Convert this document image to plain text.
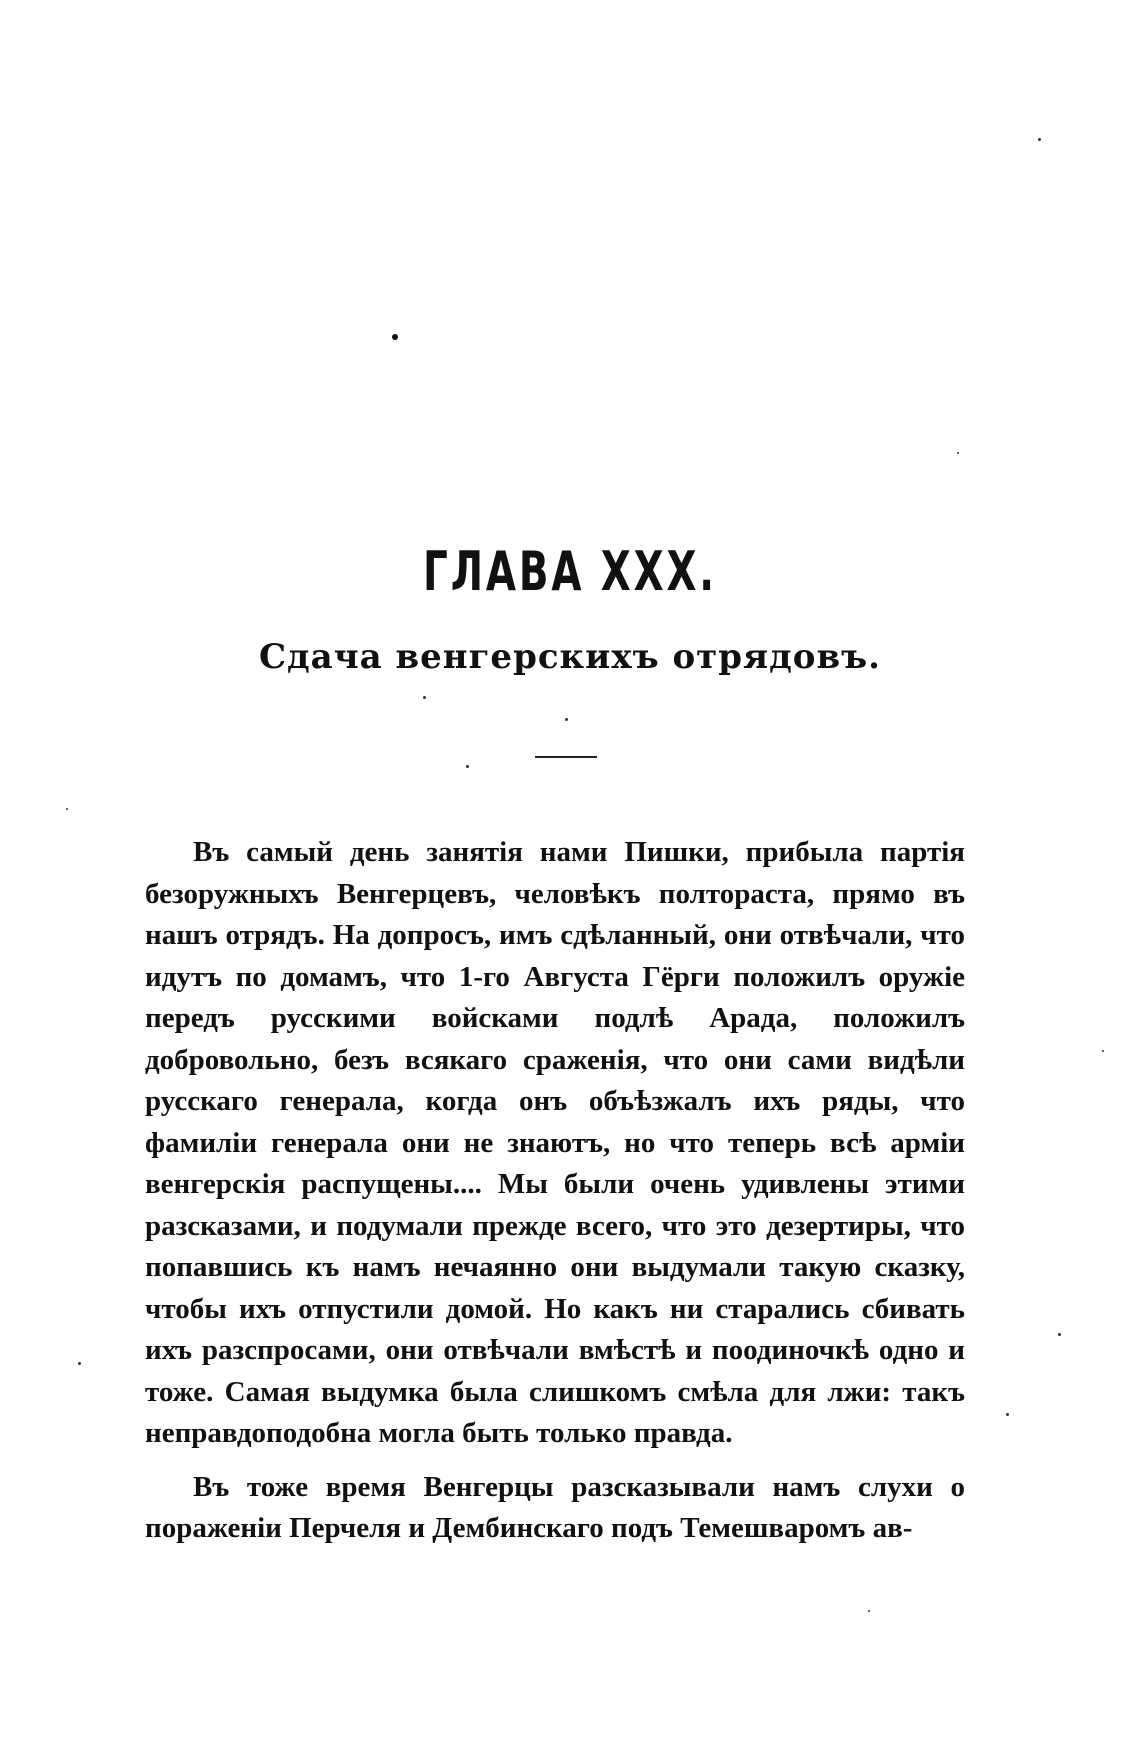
ГЛАВА XXX.
Сдача венгерскихъ отрядовъ.

Въ самый день занятія нами Пишки, прибыла партія безоружныхъ Венгерцевъ, человѣкъ полтораста, прямо въ нашъ отрядъ. На допросъ, имъ сдѣланный, они отвѣчали, что идутъ по домамъ, что 1-го Августа Гёрги положилъ оружіе передъ русскими войсками подлѣ Арада, положилъ добровольно, безъ всякаго сраженія, что они сами видѣли русскаго генерала, когда онъ объѣзжалъ ихъ ряды, что фамиліи генерала они не знаютъ, но что теперь всѣ арміи венгерскія распущены.... Мы были очень удивлены этими разсказами, и подумали прежде всего, что это дезертиры, что попавшись къ намъ нечаянно они выдумали такую сказку, чтобы ихъ отпустили домой. Но какъ ни старались сбивать ихъ разспросами, они отвѣчали вмѣстѣ и поодиночкѣ одно и тоже. Самая выдумка была слишкомъ смѣла для лжи: такъ неправдоподобна могла быть только правда.

Въ тоже время Венгерцы разсказывали намъ слухи о пораженіи Перчеля и Дембинскаго подъ Темешваромъ ав-
